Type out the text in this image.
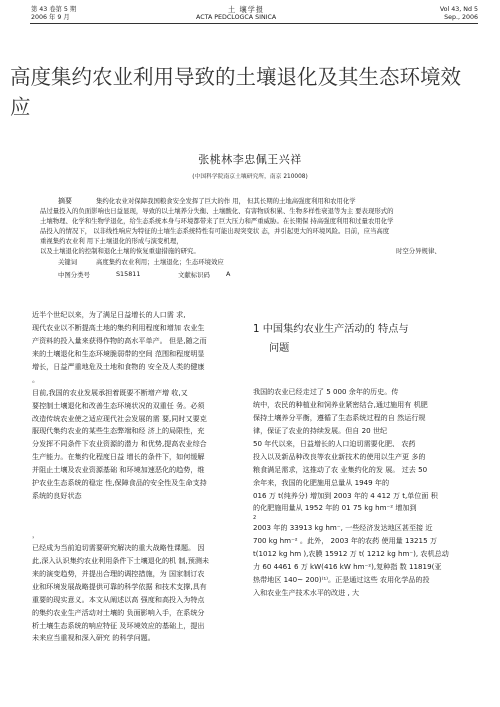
第 43 卷第 5 期
2006 年 9 月
土 壤学报
ACTA PEDCLOGCA SINICA
Vol 43, Nd 5
Sep., 2006
高度集约农业利用导致的土壤退化及其生态环境效
应
张桃林李忠佩王兴祥
(中国科学院南京土壤研究所，南京 210008)
摘要	集约化农业对保障我国粮食安全发挥了巨大的作 用， 但其长期的土地高强度利用和农用化学
品过量投入的负面影响也日益显现，导致的以土壤养分失衡、土壤酸化、有害物质积累、生物多样性衰退等为主 要表现形式的
土壤物理、化学和生物学退化，给生态系统本身与环境都带来了巨大压力和严重威胁。在长期保 持高强度利用和过量农用化学
品投入的情况下， 以非线性响应为特征的土壤生态系统特性有可能出现突变状 态，并引起更大的环境风险。目前，应当高度
重视集约农业利 用下土壤退化的形成与演变机理，
时空分异规律、
以及土壤退化的控制和退化土壤的恢复重建措施的研究。
关键词	高度集约农业利用；土壤退化；生态环境效应
中图分类号	S15811	文献标识码	A
近半个世纪以来，为了满足日益增长的人口需 求,
现代农业以不断提高土地的集约利用程度和增加 农业生
产资料的投入量来获得作物的高水平单产。 但是,随之而
来的土壤退化和生态环境脆弱带的空间 范围和程度明显
增长，日益严重地危及土地和食物的 安全及人类的健康
。
目前,我国的农业发展承担着既要不断增产增 收,又
要控制土壤退化和改善生态环境状况的双重任 务。必须
改造传统农业使之适应现代社会发展的需 要,同时又要克
服现代集约农业的某些生态弊端和经 济上的局限性，充
分发挥不同条件下农业资源的潜力 和优势,提高农业综合
生产能力。在集约化程度日益 增长的条件下，如何缓解
并阻止土壤及农业资源基础 和环境加速恶化的趋势，维
护农业生态系统的稳定 性,保障食品的安全性及生命支持
系统的良好状态
，
已经成为当前迫切需要研究解决的重大战略性课题。 因
此,深入认识集约农业利用条件下土壤退化的机 制,预测未
来的演变趋势，并提出合理的调控措施，为 国家制订农
业和环境发展战略提供可靠的科学依据 和技术支撑,具有
重要的现实意义。本文从阐述以高 强度和高投入为特点
的集约农业生产活动对土壤的 负面影响入手，在系统分
析土壤生态系统的响应特征 及环境效应的基础上，提出
未来应当重视和深入研究 的科学问题。
1 中国集约农业生产活动的 特点与
问题
我国的农业已经走过了 5 000 余年的历史。传
统中，农民的种植业和饲养业紧密结合,通过施用有 机肥
保持土壤养分平衡，遵循了生态系统过程的自 然运行规
律，保证了农业的持续发展。但自 20 世纪
50 年代以来，日益增长的人口迫切需要化肥、 农药
投入以及新品种改良等农业新技术的使用以生产更 多的
粮食满足需求，这推动了农 业集约化的发 展。 过去 50
余年来，我国的化肥施用总量从 1949 年的
016 万 t(纯养分) 增加到 2003 年的 4 412 万 t,单位面 积
的化肥施用量从 1952 年的 01 75 kg hm⁻² 增加到
2
2003 年的 33913 kg hm⁻, 一些经济发达地区甚至接 近
700 kg hm⁻² 。此外， 2003 年的农药 使用量 13215 万
t(1012 kg hm ),农膜 15912 万 t( 1212 kg hm⁻), 农机总动
力 60 4461 6 万 kW(416 kW hm⁻²),复种指 数 11819(亚
热带地区 140~ 200)⁽¹⁾。正是通过这些 农用化学品的投
入和农业生产技术水平的改进 , 大
